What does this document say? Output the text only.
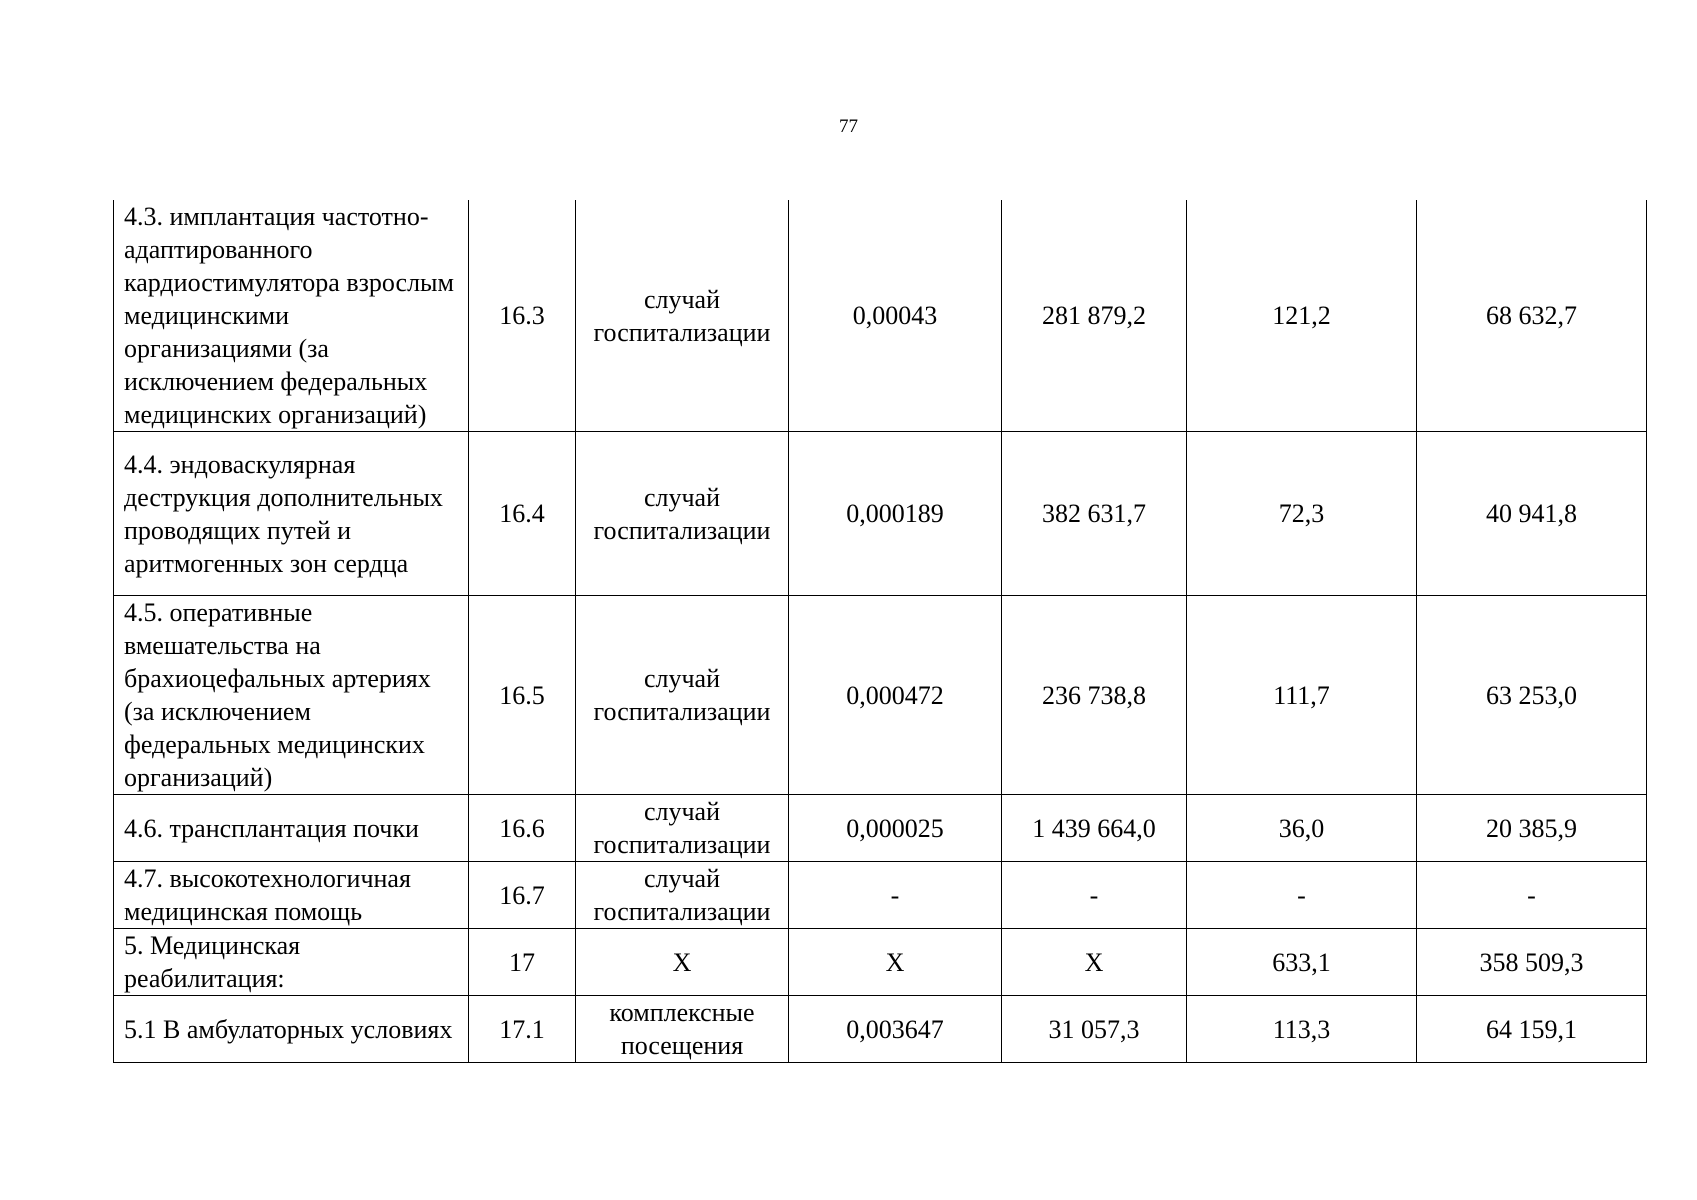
77
4.3. имплантация частотно-адаптированного кардиостимулятора взрослым медицинскими организациями (за исключением федеральных медицинских организаций)	16.3	случай госпитализации	0,00043	281 879,2	121,2	68 632,7
4.4. эндоваскулярная деструкция дополнительных проводящих путей и аритмогенных зон сердца	16.4	случай госпитализации	0,000189	382 631,7	72,3	40 941,8
4.5. оперативные вмешательства на брахиоцефальных артериях (за исключением федеральных медицинских организаций)	16.5	случай госпитализации	0,000472	236 738,8	111,7	63 253,0
4.6. трансплантация почки	16.6	случай госпитализации	0,000025	1 439 664,0	36,0	20 385,9
4.7. высокотехнологичная медицинская помощь	16.7	случай госпитализации	-	-	-	-
5. Медицинская реабилитация:	17	Х	Х	Х	633,1	358 509,3
5.1 В амбулаторных условиях	17.1	комплексные посещения	0,003647	31 057,3	113,3	64 159,1
